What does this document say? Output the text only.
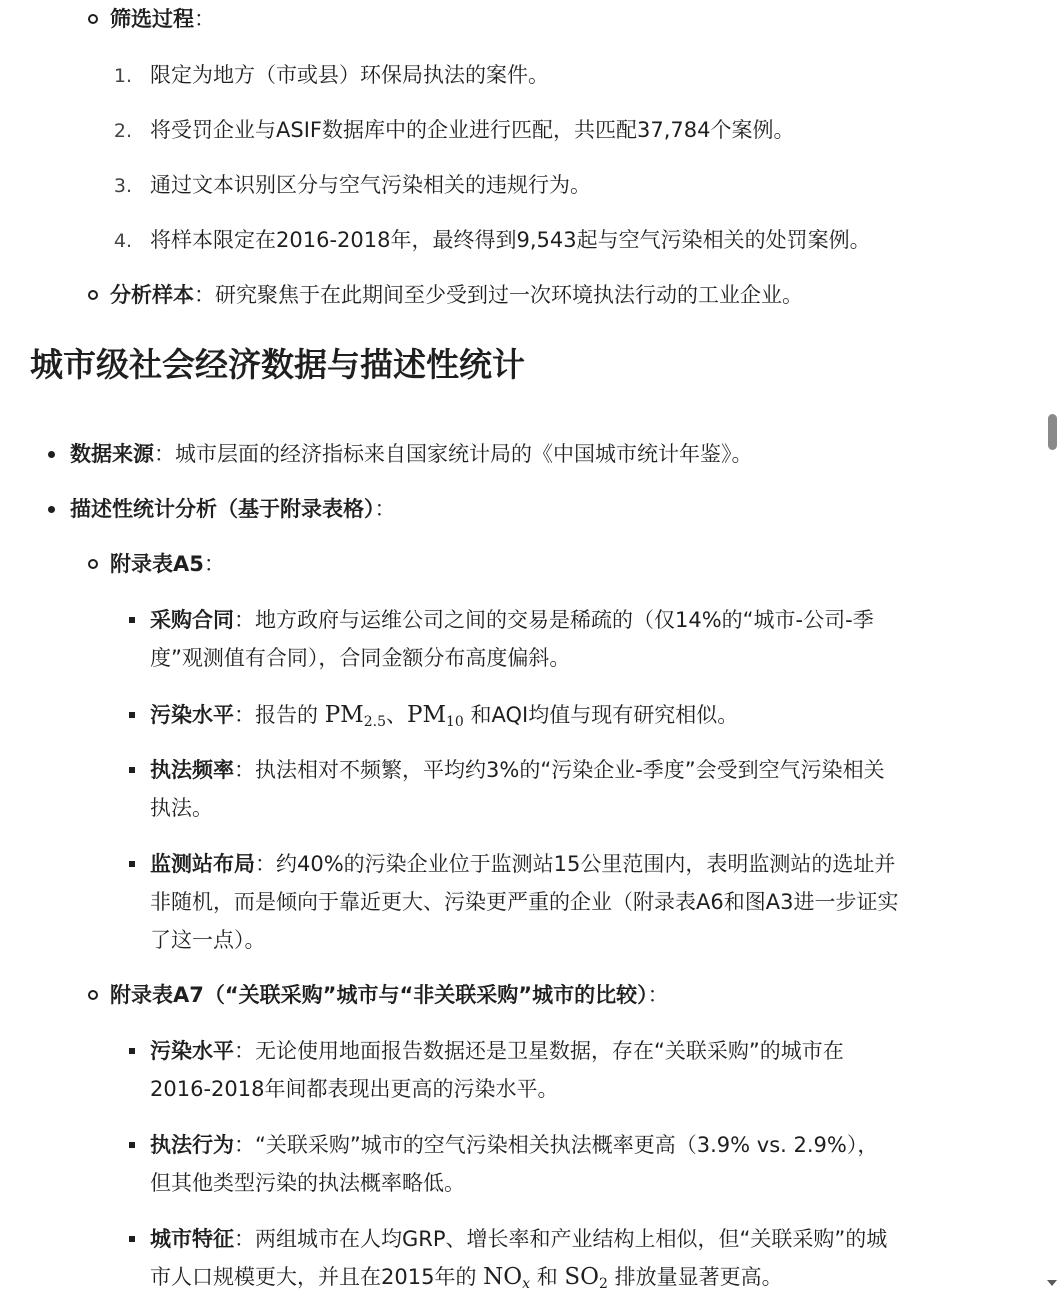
筛选过程：
1. 限定为地方（市或县）环保局执法的案件。
2. 将受罚企业与ASIF数据库中的企业进行匹配，共匹配37,784个案例。
3. 通过文本识别区分与空气污染相关的违规行为。
4. 将样本限定在2016-2018年，最终得到9,543起与空气污染相关的处罚案例。
分析样本：研究聚焦于在此期间至少受到过一次环境执法行动的工业企业。
城市级社会经济数据与描述性统计
数据来源：城市层面的经济指标来自国家统计局的《中国城市统计年鉴》。
描述性统计分析（基于附录表格）：
附录表A5：
采购合同：地方政府与运维公司之间的交易是稀疏的（仅14%的“城市-公司-季
度”观测值有合同），合同金额分布高度偏斜。
污染水平：报告的 $PM_{2.5}$、$PM_{10}$ 和AQI均值与现有研究相似。
执法频率：执法相对不频繁，平均约3%的“污染企业-季度”会受到空气污染相关
执法。
监测站布局：约40%的污染企业位于监测站15公里范围内，表明监测站的选址并
非随机，而是倾向于靠近更大、污染更严重的企业（附录表A6和图A3进一步证实
了这一点）。
附录表A7（“关联采购”城市与“非关联采购”城市的比较）：
污染水平：无论使用地面报告数据还是卫星数据，存在“关联采购”的城市在
2016-2018年间都表现出更高的污染水平。
执法行为：“关联采购”城市的空气污染相关执法概率更高（3.9% vs. 2.9%），
但其他类型污染的执法概率略低。
城市特征：两组城市在人均GRP、增长率和产业结构上相似，但“关联采购”的城
市人口规模更大，并且在2015年的 $NO_x$ 和 $SO_2$ 排放量显著更高。
